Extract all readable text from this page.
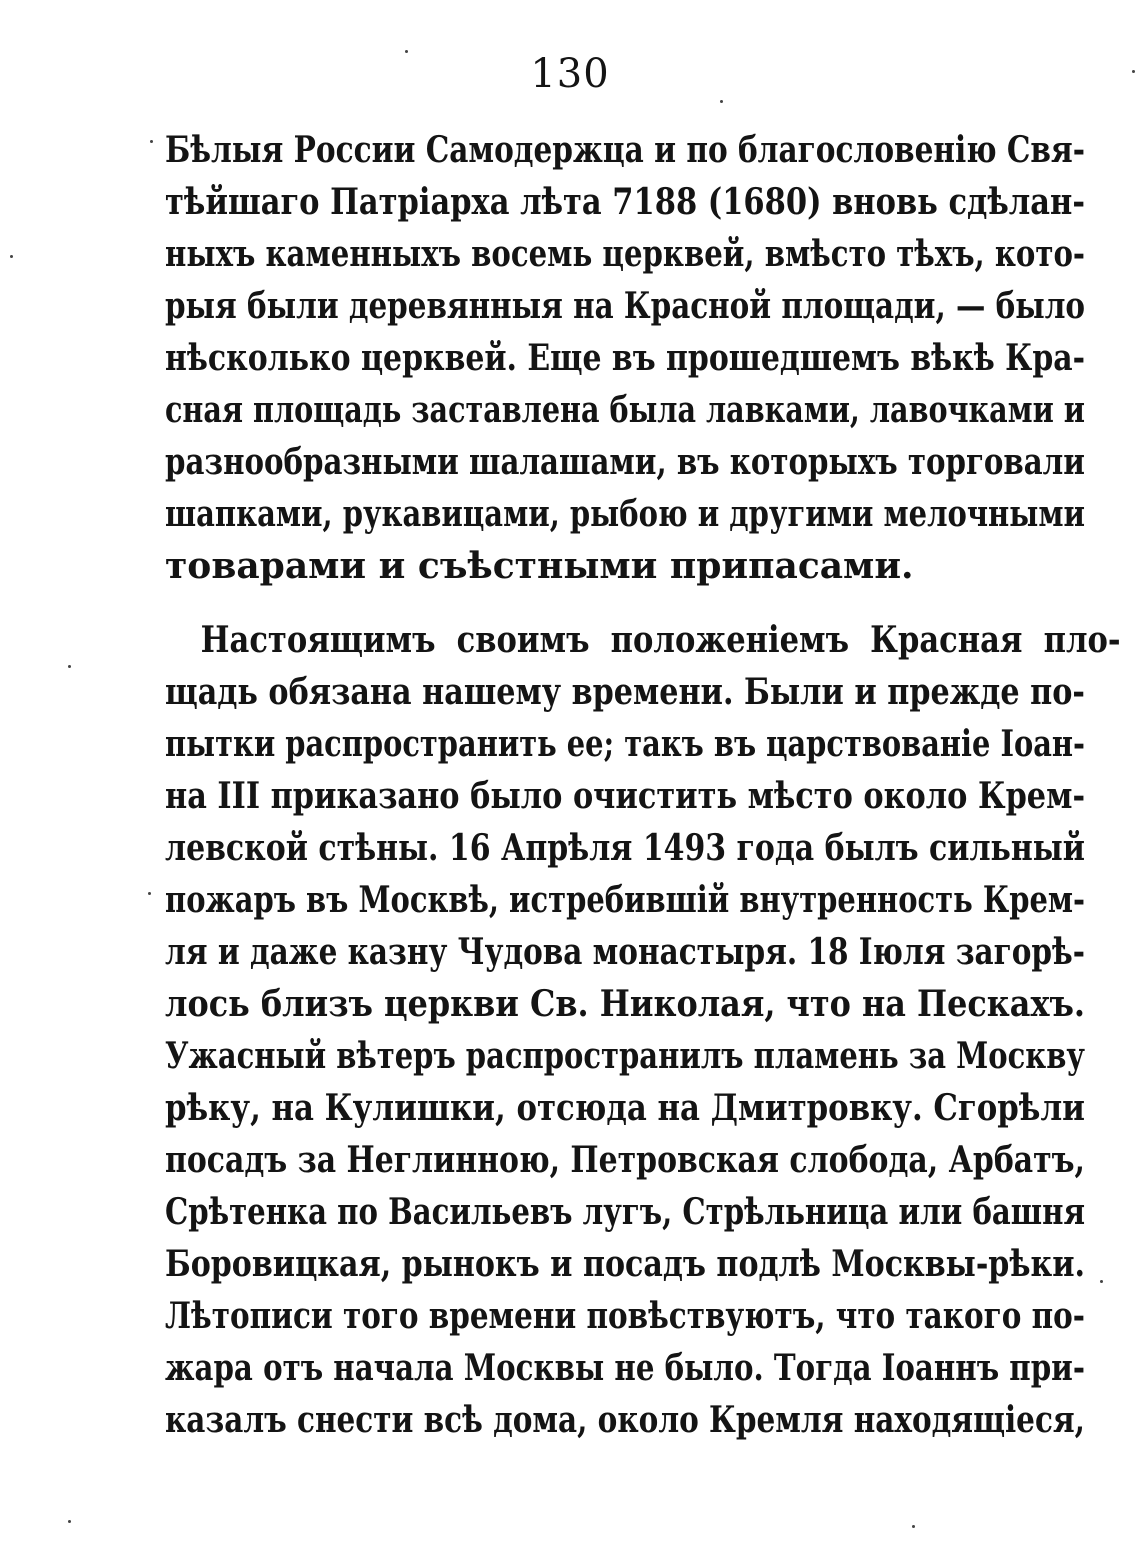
130
Бѣлыя России Самодержца и по благословенію Свя-
тѣйшаго Патріарха лѣта 7188 (1680) вновь сдѣлан-
ныхъ каменныхъ восемь церквей, вмѣсто тѣхъ, кото-
рыя были деревянныя на Красной площади, — было
нѣсколько церквей. Еще въ прошедшемъ вѣкѣ Кра-
сная площадь заставлена была лавками, лавочками и
разнообразными шалашами, въ которыхъ торговали
шапками, рукавицами, рыбою и другими мелочными
товарами и съѣстными припасами.
Настоящимъ своимъ положеніемъ Красная пло-
щадь обязана нашему времени. Были и прежде по-
пытки распространить ее; такъ въ царствованіе Іоан-
на III приказано было очистить мѣсто около Крем-
левской стѣны. 16 Апрѣля 1493 года былъ сильный
пожаръ въ Москвѣ, истребившій внутренность Крем-
ля и даже казну Чудова монастыря. 18 Іюля загорѣ-
лось близъ церкви Св. Николая, что на Пескахъ.
Ужасный вѣтеръ распространилъ пламень за Москву
рѣку, на Кулишки, отсюда на Дмитровку. Сгорѣли
посадъ за Неглинною, Петровская слобода, Арбатъ,
Срѣтенка по Васильевъ лугъ, Стрѣльница или башня
Боровицкая, рынокъ и посадъ подлѣ Москвы-рѣки.
Лѣтописи того времени повѣствуютъ, что такого по-
жара отъ начала Москвы не было. Тогда Іоаннъ при-
казалъ снести всѣ дома, около Кремля находящіеся,
